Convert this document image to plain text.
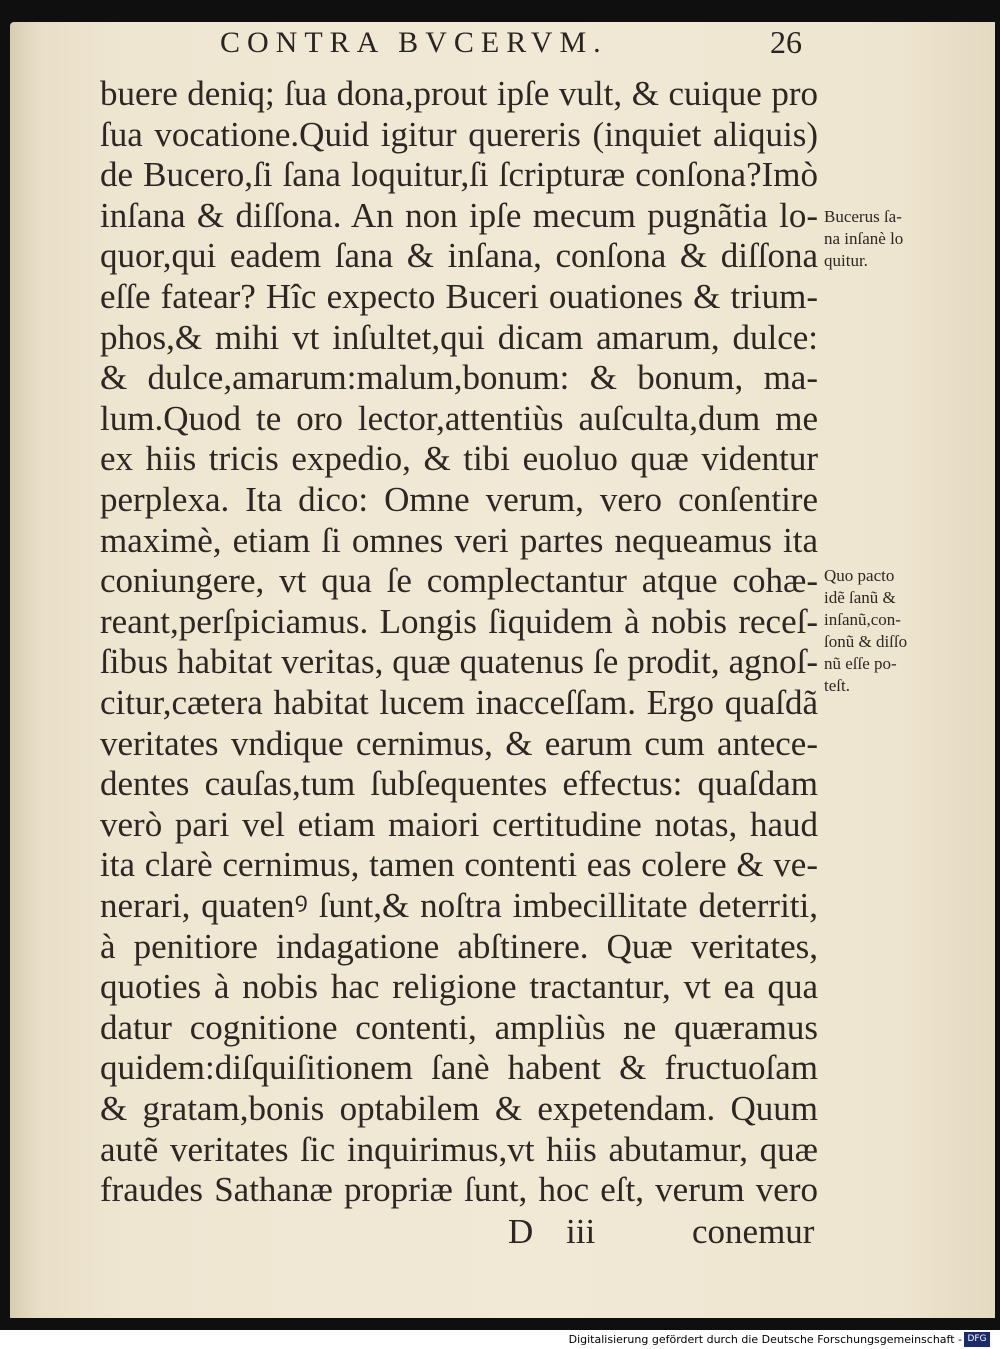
CONTRA BVCERVM.	26
buere deniq; ſua dona,prout ipſe vult, & cuique pro
ſua vocatione.Quid igitur quereris (inquiet aliquis)
de Bucero,ſi ſana loquitur,ſi ſcripturæ conſona?Imò
inſana & diſſona. An non ipſe mecum pugnãtia lo-
quor,qui eadem ſana & inſana, conſona & diſſona
eſſe fatear? Hîc expecto Buceri ouationes & trium-
phos,& mihi vt inſultet,qui dicam amarum, dulce:
& dulce,amarum:malum,bonum: & bonum, ma-
lum.Quod te oro lector,attentiùs auſculta,dum me
ex hiis tricis expedio, & tibi euoluo quæ videntur
perplexa. Ita dico: Omne verum, vero conſentire
maximè, etiam ſi omnes veri partes nequeamus ita
coniungere, vt qua ſe complectantur atque cohæ-
reant,perſpiciamus. Longis ſiquidem à nobis receſ-
ſibus habitat veritas, quæ quatenus ſe prodit, agnoſ-
citur,cætera habitat lucem inacceſſam. Ergo quaſdã
veritates vndique cernimus, & earum cum antece-
dentes cauſas,tum ſubſequentes effectus: quaſdam
verò pari vel etiam maiori certitudine notas, haud
ita clarè cernimus, tamen contenti eas colere & ve-
nerari, quatenꝰ ſunt,& noſtra imbecillitate deterriti,
à penitiore indagatione abſtinere. Quæ veritates,
quoties à nobis hac religione tractantur, vt ea qua
datur cognitione contenti, ampliùs ne quæramus
quidem:diſquiſitionem ſanè habent & fructuoſam
& gratam,bonis optabilem & expetendam. Quum
autẽ veritates ſic inquirimus,vt hiis abutamur, quæ
fraudes Sathanæ propriæ ſunt, hoc eſt, verum vero
D iii	conemur
Bucerus ſa-
na inſanè lo
quitur.
Quo pacto
idẽ ſanũ &
inſanũ,con-
ſonũ & diſſo
nũ eſſe po-
teſt.
Digitalisierung gefördert durch die Deutsche Forschungsgemeinschaft - DFG
